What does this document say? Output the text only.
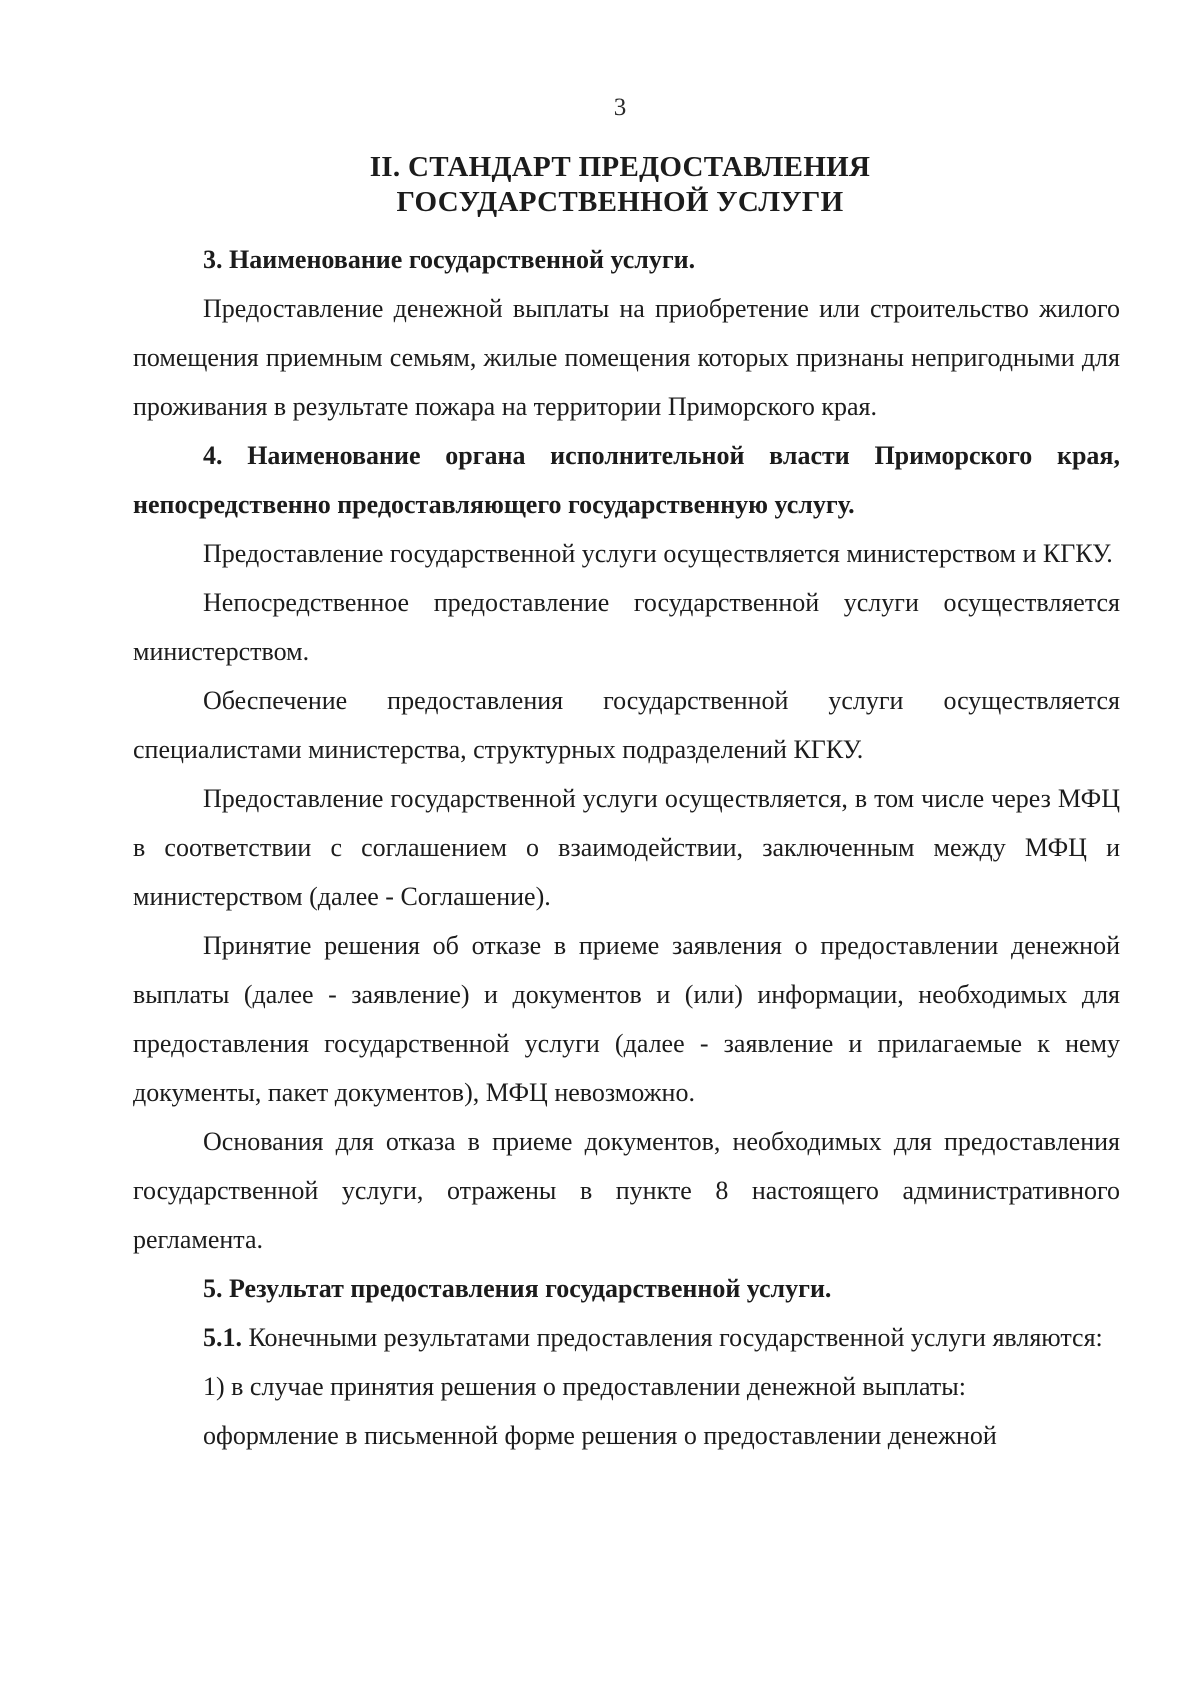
3
II. СТАНДАРТ ПРЕДОСТАВЛЕНИЯ
ГОСУДАРСТВЕННОЙ УСЛУГИ

3. Наименование государственной услуги.

Предоставление денежной выплаты на приобретение или строительство жилого помещения приемным семьям, жилые помещения которых признаны непригодными для проживания в результате пожара на территории Приморского края.

4. Наименование органа исполнительной власти Приморского края, непосредственно предоставляющего государственную услугу.

Предоставление государственной услуги осуществляется министерством и КГКУ.

Непосредственное предоставление государственной услуги осуществляется министерством.

Обеспечение предоставления государственной услуги осуществляется специалистами министерства, структурных подразделений КГКУ.

Предоставление государственной услуги осуществляется, в том числе через МФЦ в соответствии с соглашением о взаимодействии, заключенным между МФЦ и министерством (далее - Соглашение).

Принятие решения об отказе в приеме заявления о предоставлении денежной выплаты (далее - заявление) и документов и (или) информации, необходимых для предоставления государственной услуги (далее - заявление и прилагаемые к нему документы, пакет документов), МФЦ невозможно.

Основания для отказа в приеме документов, необходимых для предоставления государственной услуги, отражены в пункте 8 настоящего административного регламента.

5. Результат предоставления государственной услуги.

5.1. Конечными результатами предоставления государственной услуги являются:

1) в случае принятия решения о предоставлении денежной выплаты:

оформление в письменной форме решения о предоставлении денежной
